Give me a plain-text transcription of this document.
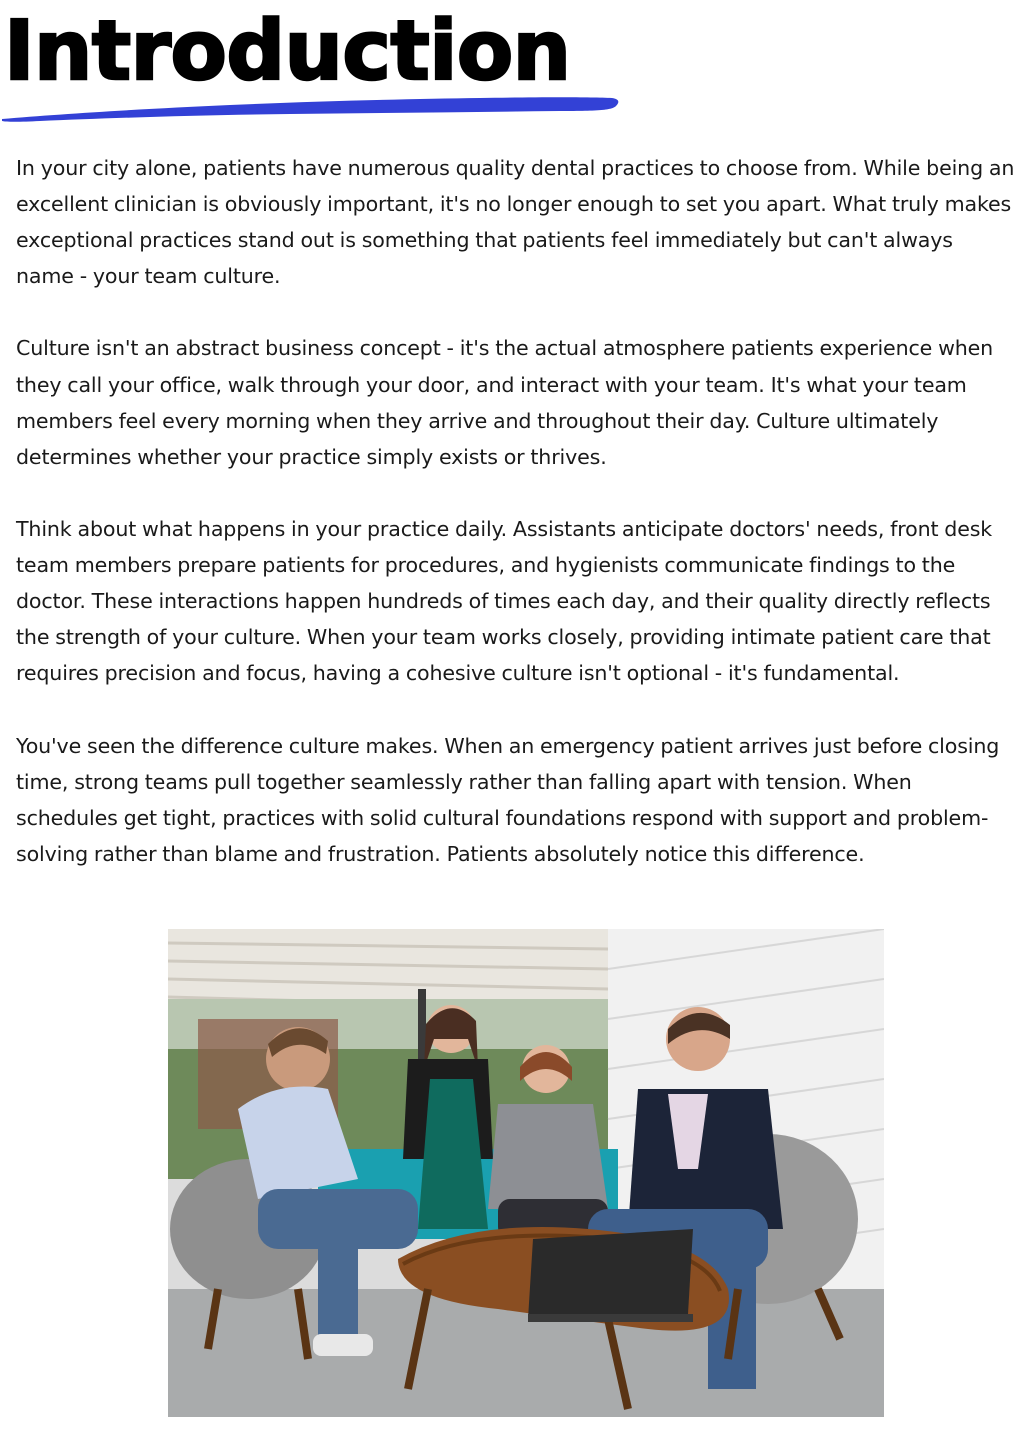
Introduction

In your city alone, patients have numerous quality dental practices to choose from. While being an excellent clinician is obviously important, it's no longer enough to set you apart. What truly makes exceptional practices stand out is something that patients feel immediately but can't always name - your team culture.

Culture isn't an abstract business concept - it's the actual atmosphere patients experience when they call your office, walk through your door, and interact with your team. It's what your team members feel every morning when they arrive and throughout their day. Culture ultimately determines whether your practice simply exists or thrives.

Think about what happens in your practice daily. Assistants anticipate doctors' needs, front desk team members prepare patients for procedures, and hygienists communicate findings to the doctor. These interactions happen hundreds of times each day, and their quality directly reflects the strength of your culture. When your team works closely, providing intimate patient care that requires precision and focus, having a cohesive culture isn't optional - it's fundamental.

You've seen the difference culture makes. When an emergency patient arrives just before closing time, strong teams pull together seamlessly rather than falling apart with tension. When schedules get tight, practices with solid cultural foundations respond with support and problem-solving rather than blame and frustration. Patients absolutely notice this difference.
